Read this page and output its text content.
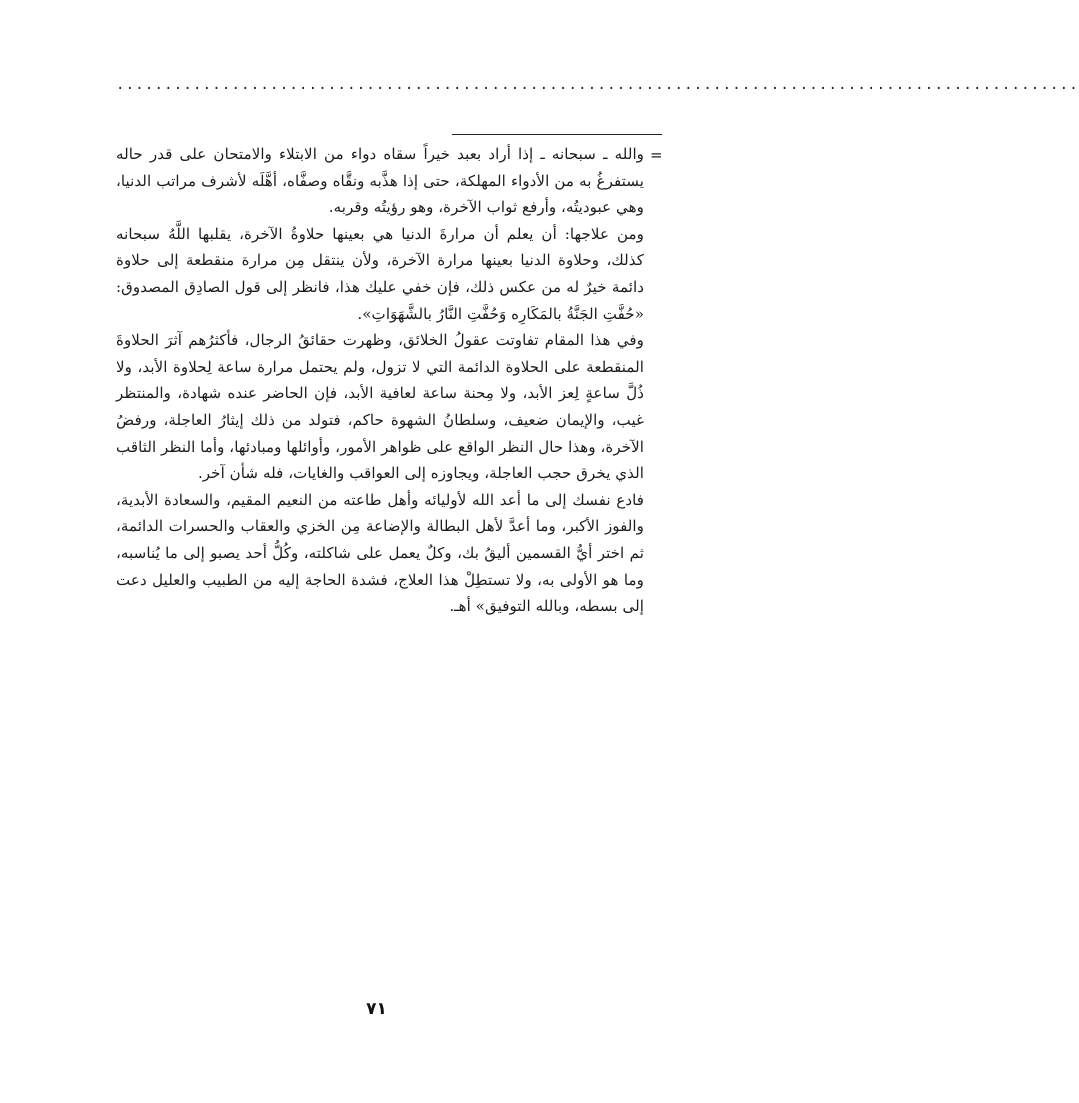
....................................................................................................
=

والله ـ سبحانه ـ إذا أراد بعبد خيراً سقاه دواء من الابتلاء والامتحان على قدر حاله يستفرغُ به من الأدواء المهلكة، حتى إذا هذَّبه ونقَّاه وصفَّاه، أهَّلَه لأشرف مراتب الدنيا، وهي عبوديتُه، وأرفع ثواب الآخرة، وهو رؤيتُه وقربه.

ومن علاجها: أن يعلم أن مرارةَ الدنيا هي بعينها حلاوةُ الآخرة، يقلبها اللَّهُ سبحانه كذلك، وحلاوة الدنيا بعينها مرارة الآخرة، ولأن ينتقل مِن مرارة منقطعة إلى حلاوة دائمة خيرٌ له من عكس ذلك، فإن خفي عليك هذا، فانظر إلى قول الصادِق المصدوق: «حُفَّتِ الجَنَّةُ بالمَكَارِه وَحُفَّتِ النَّارُ بالشَّهَوَاتِ».

وفي هذا المقام تفاوتت عقولُ الخلائق، وظهرت حقائقُ الرجال، فأكثرُهم آثرَ الحلاوةَ المنقطعة على الحلاوة الدائمة التي لا تزول، ولم يحتمل مرارة ساعة لِحلاوة الأبد، ولا ذُلَّ ساعةٍ لِعز الأبد، ولا مِحنة ساعة لعافية الأبد، فإن الحاضر عنده شهادة، والمنتظر غيب، والإيمان ضعيف، وسلطانُ الشهوة حاكم، فتولد من ذلك إيثارُ العاجلة، ورفضُ الآخرة، وهذا حال النظر الواقع على ظواهر الأمور، وأوائلها ومبادئها، وأما النظر الثاقب الذي يخرق حجب العاجلة، ويجاوزه إلى العواقب والغايات، فله شأن آخر.

فادع نفسك إلى ما أعد الله لأوليائه وأهل طاعته من النعيم المقيم، والسعادة الأبدية، والفوز الأكبر، وما أعدَّ لأهل البطالة والإضاعة مِن الخزي والعقاب والحسرات الدائمة، ثم اختر أيُّ القسمين أليقُ بك، وكلٌ يعمل على شاكلته، وكُلُّ أحد يصبو إلى ما يُناسبه، وما هو الأولى به، ولا تستطِلْ هذا العلاج، فشدة الحاجة إليه من الطبيب والعليل دعت إلى بسطه، وبالله التوفيق» أهـ.

٧١
